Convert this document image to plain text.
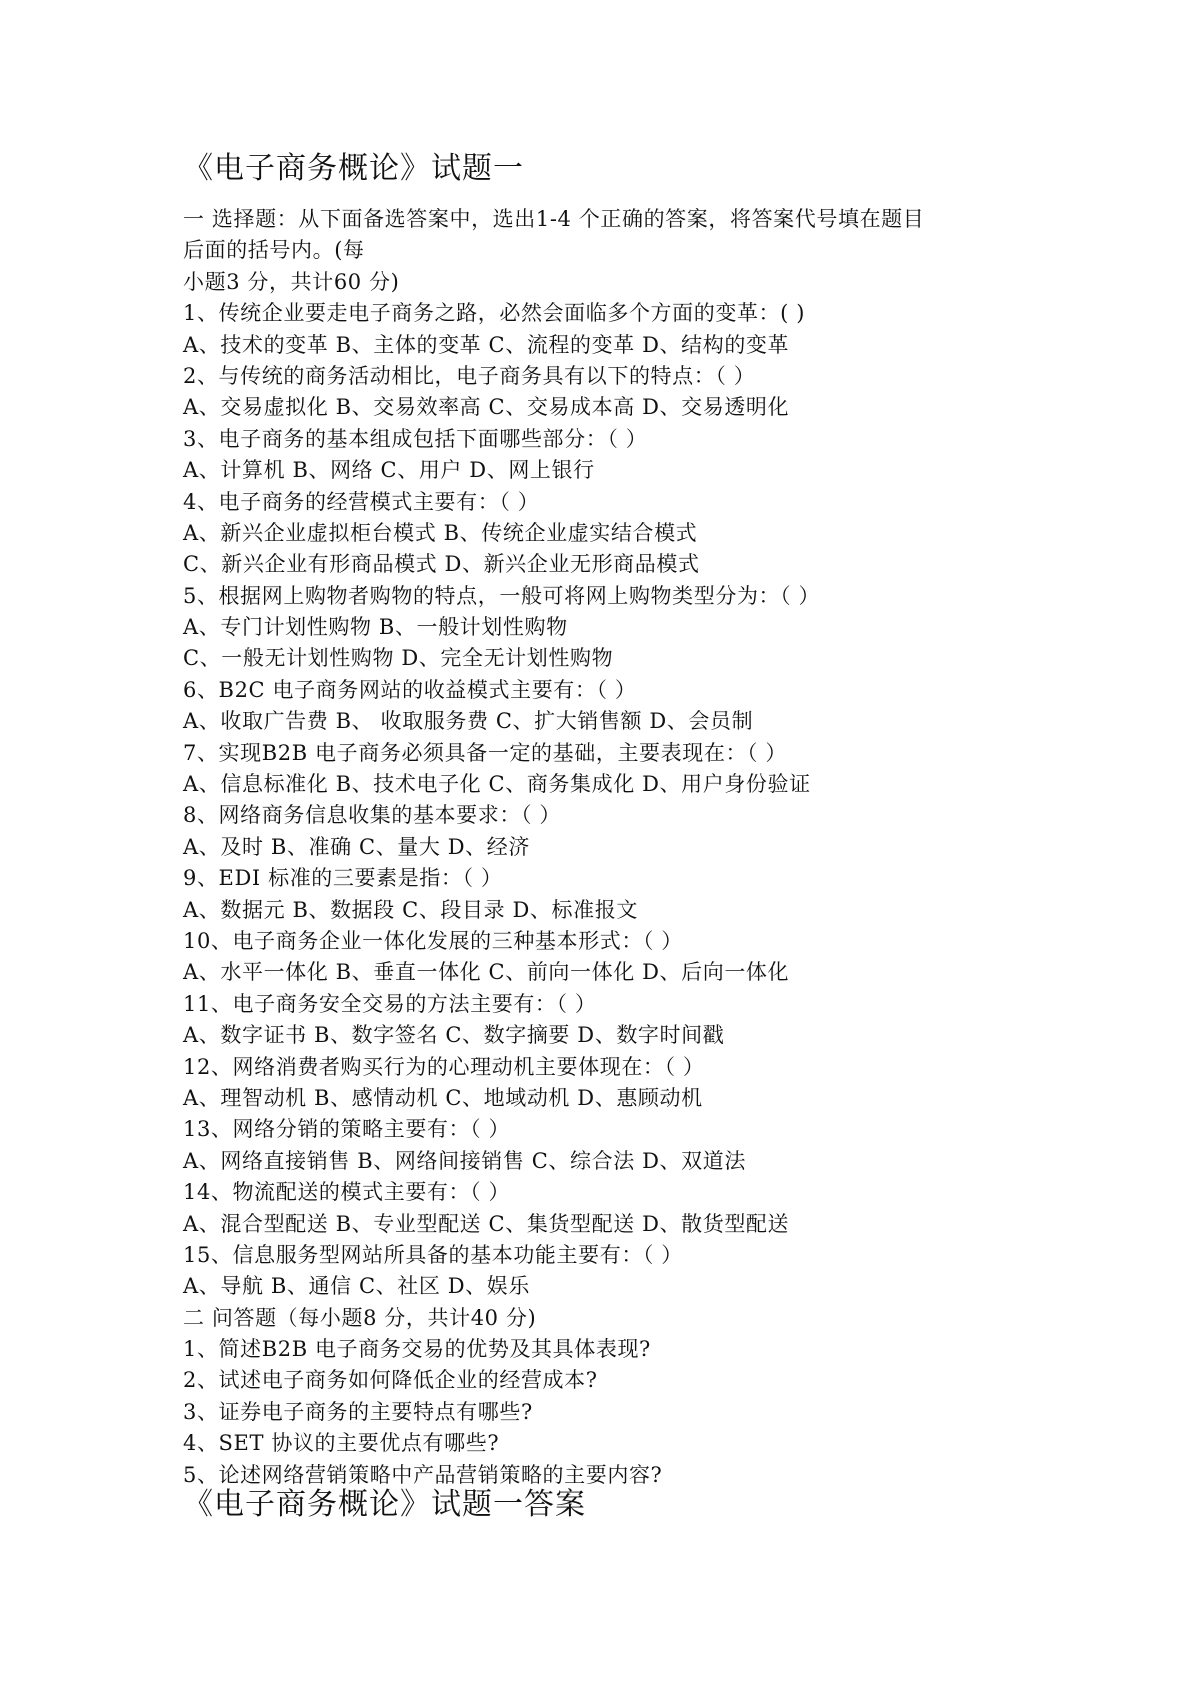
《电子商务概论》试题一
一 选择题：从下面备选答案中，选出1-4 个正确的答案，将答案代号填在题目
后面的括号内。(每
小题3 分，共计60 分)
1、传统企业要走电子商务之路，必然会面临多个方面的变革：( )
A、技术的变革 B、主体的变革 C、流程的变革 D、结构的变革
2、与传统的商务活动相比，电子商务具有以下的特点：（ ）
A、交易虚拟化 B、交易效率高 C、交易成本高 D、交易透明化
3、电子商务的基本组成包括下面哪些部分：（ ）
A、计算机 B、网络 C、用户 D、网上银行
4、电子商务的经营模式主要有：（ ）
A、新兴企业虚拟柜台模式 B、传统企业虚实结合模式
C、新兴企业有形商品模式 D、新兴企业无形商品模式
5、根据网上购物者购物的特点，一般可将网上购物类型分为：（ ）
A、专门计划性购物 B、一般计划性购物
C、一般无计划性购物 D、完全无计划性购物
6、B2C 电子商务网站的收益模式主要有：（ ）
A、收取广告费 B、 收取服务费 C、扩大销售额 D、会员制
7、实现B2B 电子商务必须具备一定的基础，主要表现在：（ ）
A、信息标准化 B、技术电子化 C、商务集成化 D、用户身份验证
8、网络商务信息收集的基本要求：（ ）
A、及时 B、准确 C、量大 D、经济
9、EDI 标准的三要素是指：（ ）
A、数据元 B、数据段 C、段目录 D、标准报文
10、电子商务企业一体化发展的三种基本形式：（ ）
A、水平一体化 B、垂直一体化 C、前向一体化 D、后向一体化
11、电子商务安全交易的方法主要有：（ ）
A、数字证书 B、数字签名 C、数字摘要 D、数字时间戳
12、网络消费者购买行为的心理动机主要体现在：（ ）
A、理智动机 B、感情动机 C、地域动机 D、惠顾动机
13、网络分销的策略主要有：（ ）
A、网络直接销售 B、网络间接销售 C、综合法 D、双道法
14、物流配送的模式主要有：（ ）
A、混合型配送 B、专业型配送 C、集货型配送 D、散货型配送
15、信息服务型网站所具备的基本功能主要有：（ ）
A、导航 B、通信 C、社区 D、娱乐
二 问答题（每小题8 分，共计40 分)
1、简述B2B 电子商务交易的优势及其具体表现?
2、试述电子商务如何降低企业的经营成本?
3、证券电子商务的主要特点有哪些?
4、SET 协议的主要优点有哪些?
5、论述网络营销策略中产品营销策略的主要内容?
《电子商务概论》试题一答案
